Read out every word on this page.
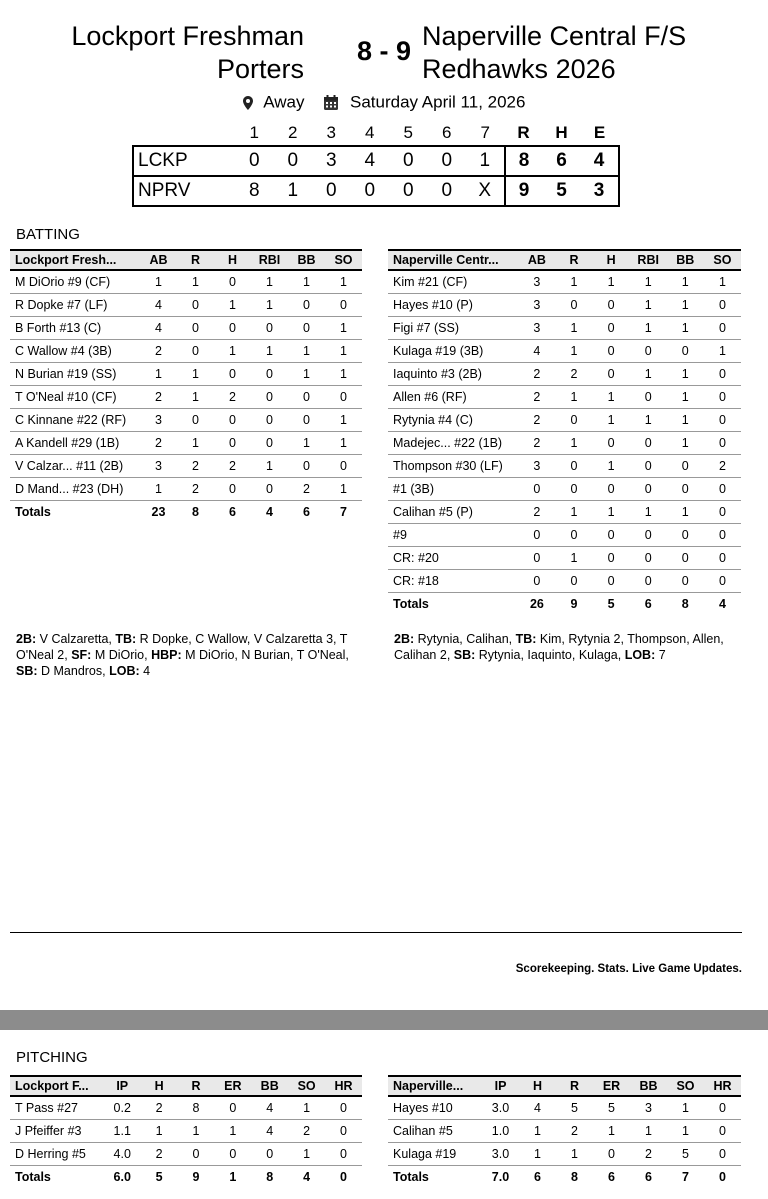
Lockport Freshman
Porters
8 - 9 Naperville Central F/S
Redhawks 2026
Away	Saturday April 11, 2026
	1	2	3	4	5	6	7	R	H	E
LCKP	0	0	3	4	0	0	1	8	6	4
NPRV	8	1	0	0	0	0	X	9	5	3
BATTING
Lockport Fresh...	AB	R	H	RBI	BB	SO
M DiOrio #9 (CF)	1	1	0	1	1	1
R Dopke #7 (LF)	4	0	1	1	0	0
B Forth #13 (C)	4	0	0	0	0	1
C Wallow #4 (3B)	2	0	1	1	1	1
N Burian #19 (SS)	1	1	0	0	1	1
T O'Neal #10 (CF)	2	1	2	0	0	0
C Kinnane #22 (RF)	3	0	0	0	0	1
A Kandell #29 (1B)	2	1	0	0	1	1
V Calzar... #11 (2B)	3	2	2	1	0	0
D Mand... #23 (DH)	1	2	0	0	2	1
Totals	23	8	6	4	6	7
Naperville Centr...	AB	R	H	RBI	BB	SO
Kim #21 (CF)	3	1	1	1	1	1
Hayes #10 (P)	3	0	0	1	1	0
Figi #7 (SS)	3	1	0	1	1	0
Kulaga #19 (3B)	4	1	0	0	0	1
Iaquinto #3 (2B)	2	2	0	1	1	0
Allen #6 (RF)	2	1	1	0	1	0
Rytynia #4 (C)	2	0	1	1	1	0
Madejec... #22 (1B)	2	1	0	0	1	0
Thompson #30 (LF)	3	0	1	0	0	2
#1 (3B)	0	0	0	0	0	0
Calihan #5 (P)	2	1	1	1	1	0
#9	0	0	0	0	0	0
CR: #20	0	1	0	0	0	0
CR: #18	0	0	0	0	0	0
Totals	26	9	5	6	8	4
2B: V Calzaretta, TB: R Dopke, C Wallow, V Calzaretta 3, T O'Neal 2, SF: M DiOrio, HBP: M DiOrio, N Burian, T O'Neal, SB: D Mandros, LOB: 4
2B: Rytynia, Calihan, TB: Kim, Rytynia 2, Thompson, Allen, Calihan 2, SB: Rytynia, Iaquinto, Kulaga, LOB: 7
Scorekeeping. Stats. Live Game Updates.
PITCHING
Lockport F...	IP	H	R	ER	BB	SO	HR
T Pass #27	0.2	2	8	0	4	1	0
J Pfeiffer #3	1.1	1	1	1	4	2	0
D Herring #5	4.0	2	0	0	0	1	0
Totals	6.0	5	9	1	8	4	0
Naperville...	IP	H	R	ER	BB	SO	HR
Hayes #10	3.0	4	5	5	3	1	0
Calihan #5	1.0	1	2	1	1	1	0
Kulaga #19	3.0	1	1	0	2	5	0
Totals	7.0	6	8	6	6	7	0
